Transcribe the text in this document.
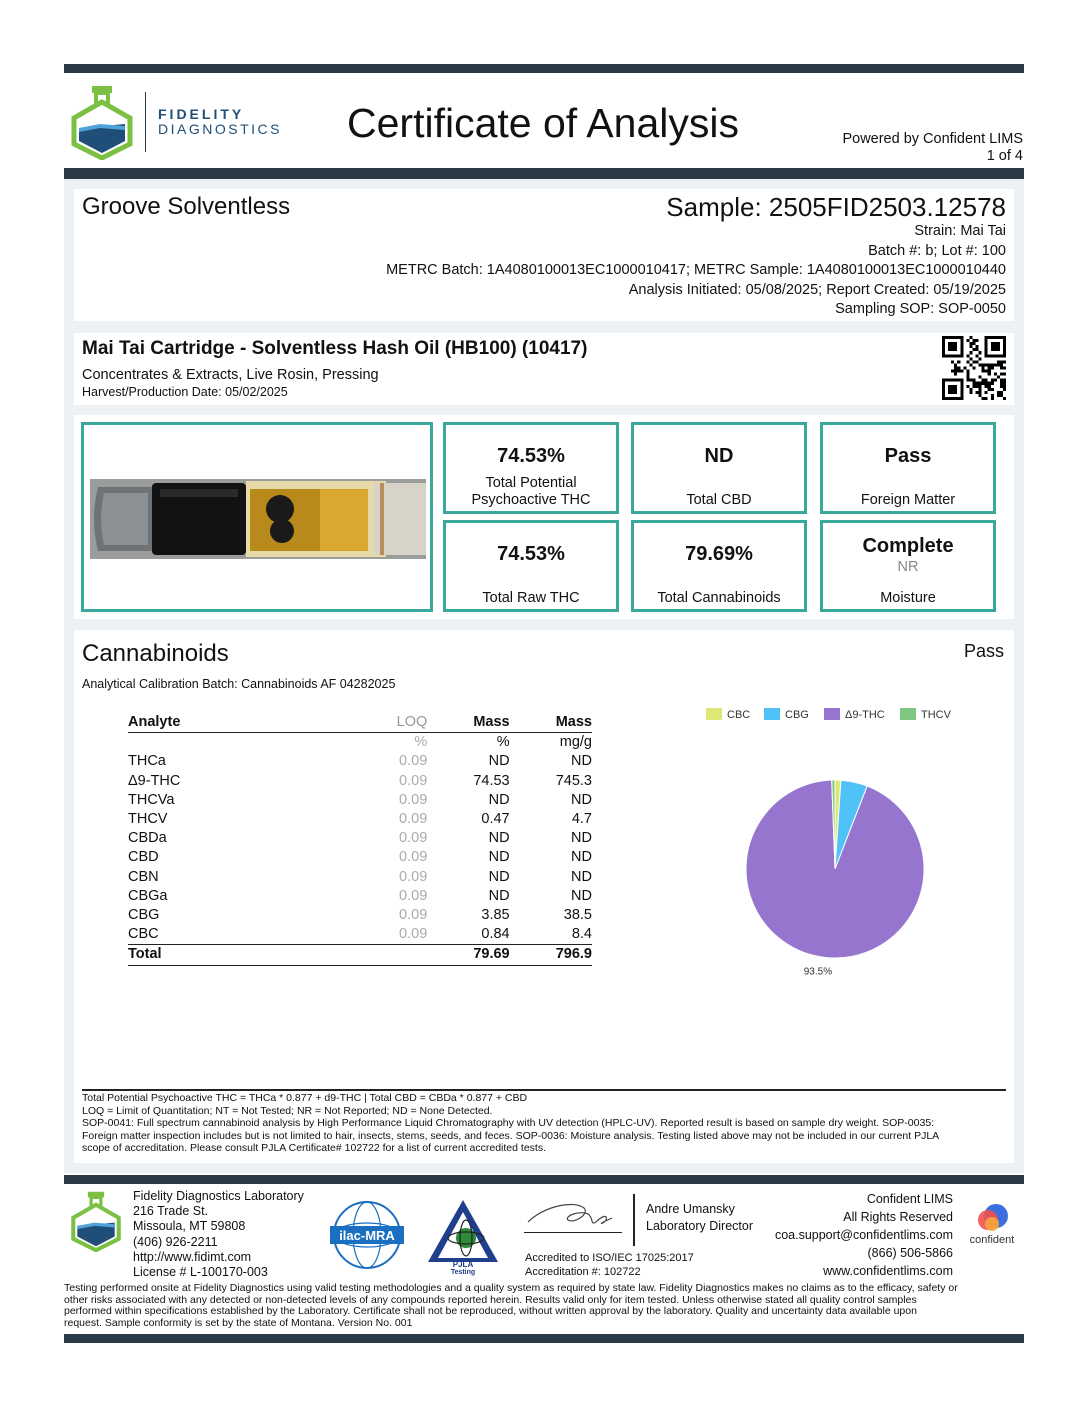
FIDELITY
DIAGNOSTICS	Certificate of Analysis	Powered by Confident LIMS
1 of 4
Groove Solventless	Sample: 2505FID2503.12578
Strain: Mai Tai
Batch #: b; Lot #: 100
METRC Batch: 1A4080100013EC1000010417; METRC Sample: 1A4080100013EC1000010440
Analysis Initiated: 05/08/2025; Report Created: 05/19/2025
Sampling SOP: SOP-0050
Mai Tai Cartridge - Solventless Hash Oil (HB100) (10417)
Concentrates & Extracts, Live Rosin, Pressing
Harvest/Production Date: 05/02/2025
74.53%
Total Potential
Psychoactive THC
ND
Total CBD
Pass
Foreign Matter
74.53%
Total Raw THC
79.69%
Total Cannabinoids
Complete
NR
Moisture
Cannabinoids	Pass
Analytical Calibration Batch: Cannabinoids AF 04282025
Analyte	LOQ	Mass	Mass
	%	%	mg/g
THCa	0.09	ND	ND
Δ9-THC	0.09	74.53	745.3
THCVa	0.09	ND	ND
THCV	0.09	0.47	4.7
CBDa	0.09	ND	ND
CBD	0.09	ND	ND
CBN	0.09	ND	ND
CBGa	0.09	ND	ND
CBG	0.09	3.85	38.5
CBC	0.09	0.84	8.4
Total		79.69	796.9
CBC	CBG	Δ9-THC	THCV
93.5%
Total Potential Psychoactive THC = THCa * 0.877 + d9-THC | Total CBD = CBDa * 0.877 + CBD
LOQ = Limit of Quantitation; NT = Not Tested; NR = Not Reported; ND = None Detected.
SOP-0041: Full spectrum cannabinoid analysis by High Performance Liquid Chromatography with UV detection (HPLC-UV). Reported result is based on sample dry weight. SOP-0035:
Foreign matter inspection includes but is not limited to hair, insects, stems, seeds, and feces. SOP-0036: Moisture analysis. Testing listed above may not be included in our current PJLA
scope of accreditation. Please consult PJLA Certificate# 102722 for a list of current accredited tests.
Fidelity Diagnostics Laboratory
216 Trade St.
Missoula, MT 59808
(406) 926-2211
http://www.fidimt.com
License # L-100170-003
ilac-MRA
PJLA
Testing
Andre Umansky
Laboratory Director
Accredited to ISO/IEC 17025:2017
Accreditation #: 102722
Confident LIMS
All Rights Reserved
coa.support@confidentlims.com
(866) 506-5866
www.confidentlims.com
confident
Testing performed onsite at Fidelity Diagnostics using valid testing methodologies and a quality system as required by state law. Fidelity Diagnostics makes no claims as to the efficacy, safety or
other risks associated with any detected or non-detected levels of any compounds reported herein. Results valid only for item tested. Unless otherwise stated all quality control samples
performed within specifications established by the Laboratory. Certificate shall not be reproduced, without written approval by the laboratory. Quality and uncertainty data available upon
request. Sample conformity is set by the state of Montana. Version No. 001
